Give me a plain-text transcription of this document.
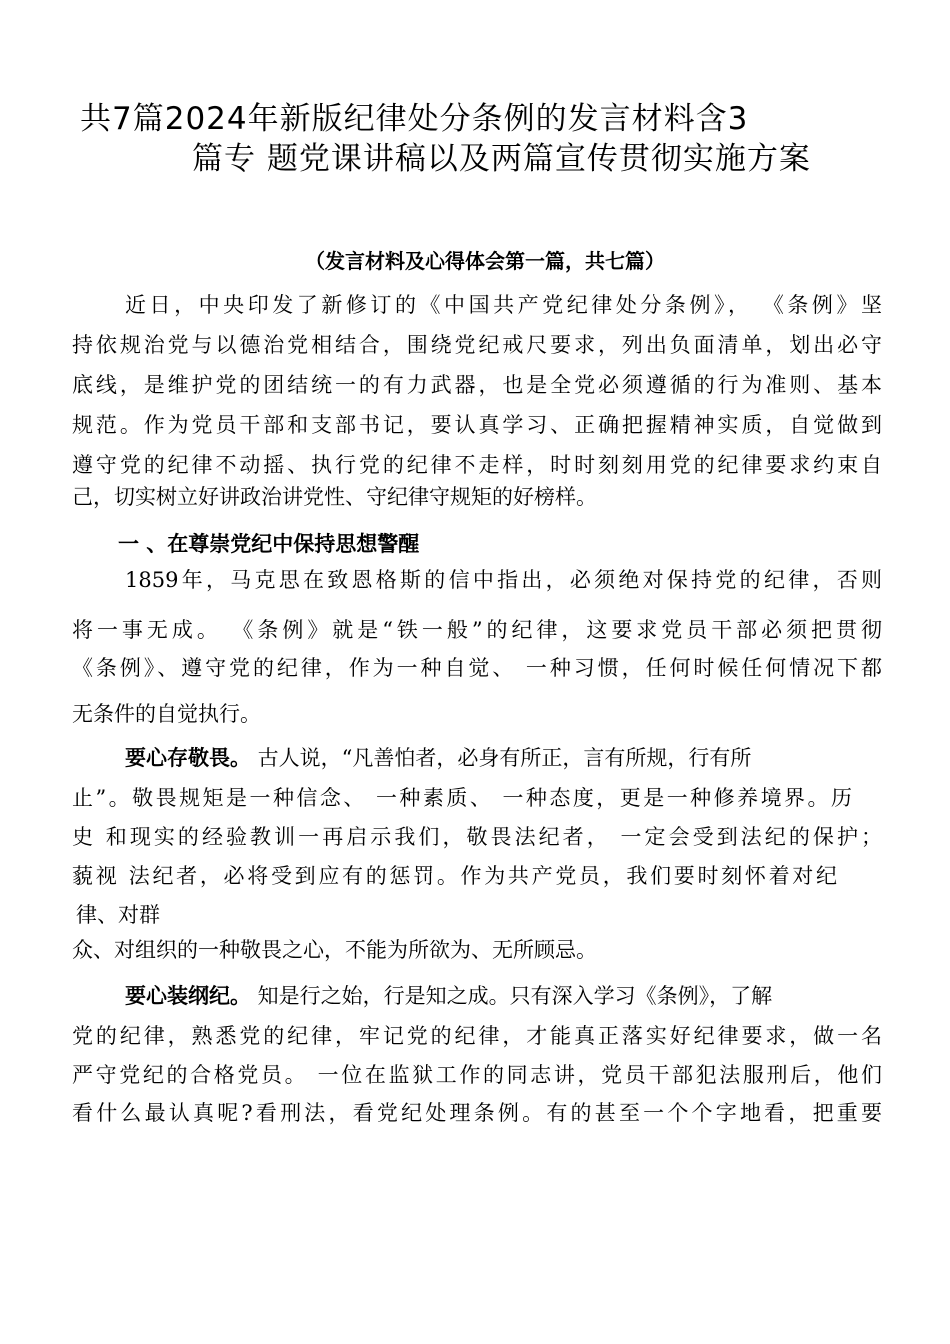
共7篇2024年新版纪律处分条例的发言材料含3
篇专 题党课讲稿以及两篇宣传贯彻实施方案
（发言材料及心得体会第一篇，共七篇）
近日，中央印发了新修订的《中国共产党纪律处分条例》， 《条例》坚
持依规治党与以德治党相结合，围绕党纪戒尺要求，列出负面清单，划出必守
底线，是维护党的团结统一的有力武器，也是全党必须遵循的行为准则、基本
规范。作为党员干部和支部书记，要认真学习、正确把握精神实质，自觉做到
遵守党的纪律不动摇、执行党的纪律不走样，时时刻刻用党的纪律要求约束自
己，切实树立好讲政治讲党性、守纪律守规矩的好榜样。
一 、在尊崇党纪中保持思想警醒
1859年，马克思在致恩格斯的信中指出，必须绝对保持党的纪律，否则
将一事无成。 《条例》就是“铁一般”的纪律，这要求党员干部必须把贯彻
《条例》、遵守党的纪律，作为一种自觉、 一种习惯，任何时候任何情况下都
无条件的自觉执行。
要心存敬畏。 古人说，“凡善怕者，必身有所正，言有所规，行有所
止”。敬畏规矩是一种信念、 一种素质、 一种态度，更是一种修养境界。历
史 和现实的经验教训一再启示我们，敬畏法纪者， 一定会受到法纪的保护；
藐视 法纪者，必将受到应有的惩罚。作为共产党员，我们要时刻怀着对纪
律、对群
众、对组织的一种敬畏之心，不能为所欲为、无所顾忌。
要心装纲纪。 知是行之始，行是知之成。只有深入学习《条例》，了解
党的纪律，熟悉党的纪律，牢记党的纪律，才能真正落实好纪律要求，做一名
严守党纪的合格党员。 一位在监狱工作的同志讲，党员干部犯法服刑后，他们
看什么最认真呢?看刑法，看党纪处理条例。有的甚至一个个字地看，把重要
